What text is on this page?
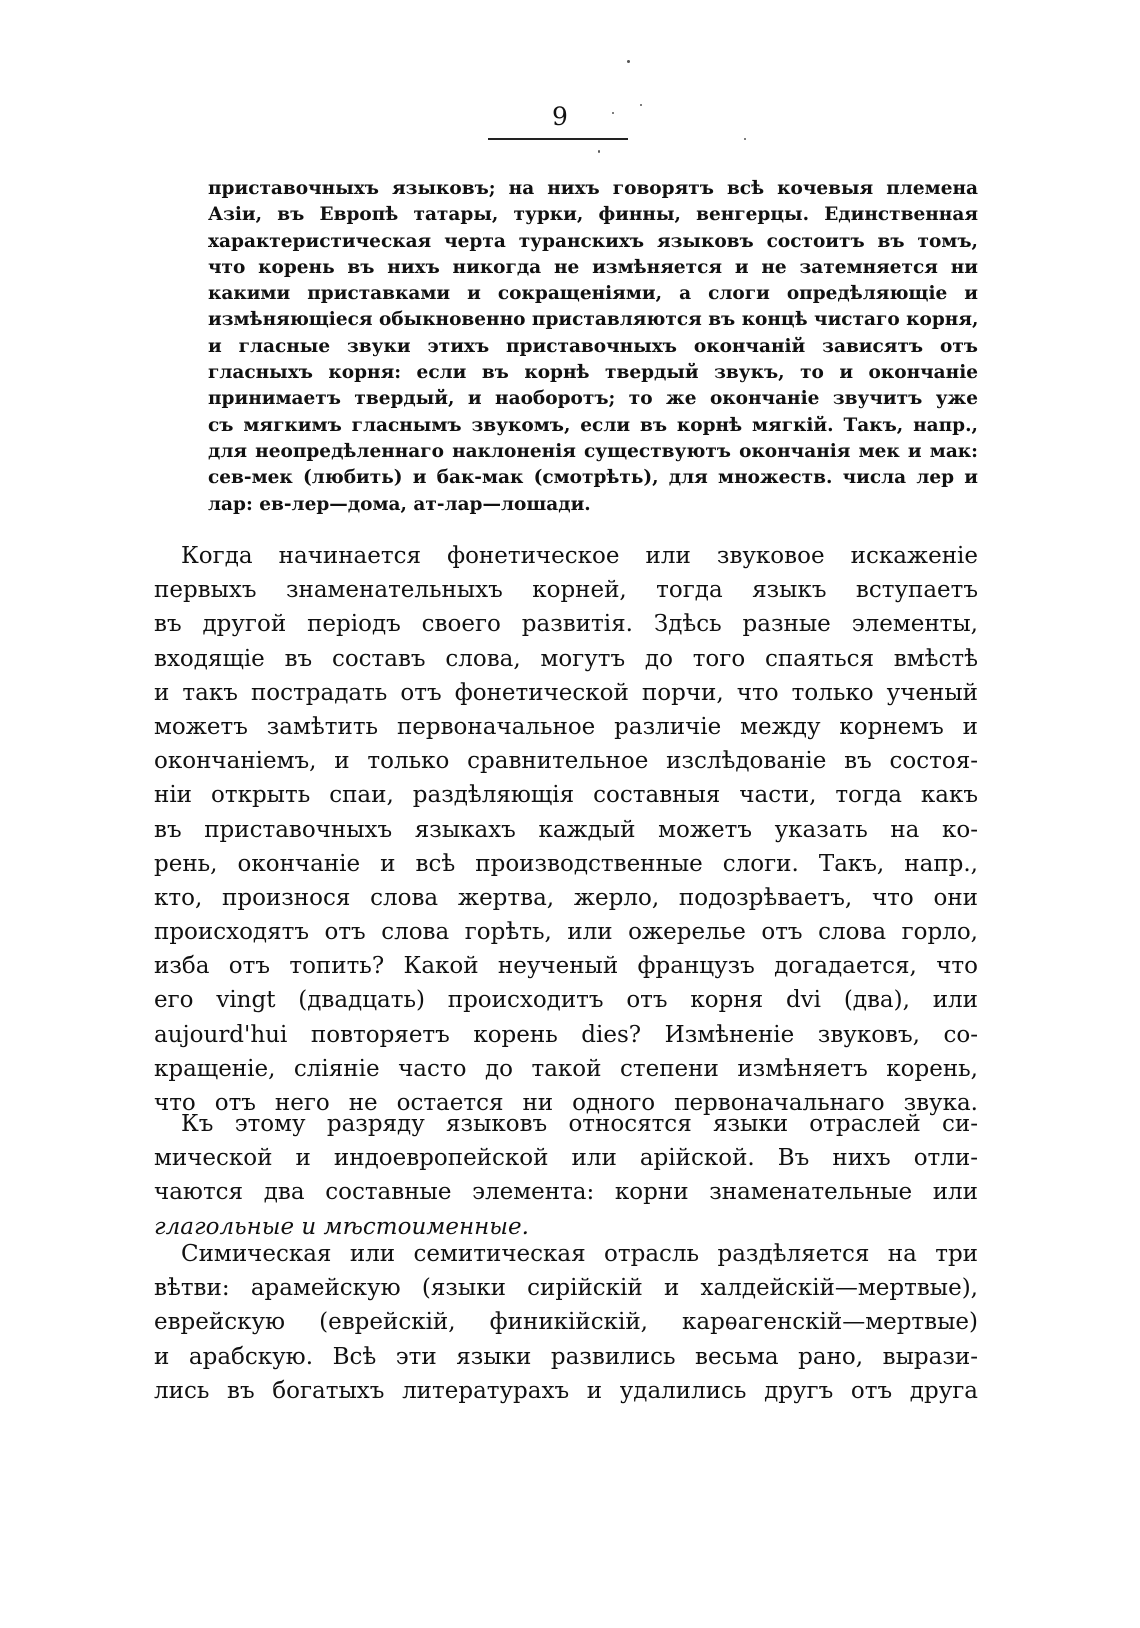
9
приставочныхъ языковъ; на нихъ говорятъ всѣ кочевыя племена
Азіи, въ Европѣ татары, турки, финны, венгерцы. Единственная
характеристическая черта туранскихъ языковъ состоитъ въ томъ,
что корень въ нихъ никогда не измѣняется и не затемняется ни
какими приставками и сокращеніями, а слоги опредѣляющіе и
измѣняющіеся обыкновенно приставляются въ концѣ чистаго корня,
и гласные звуки этихъ приставочныхъ окончаній зависятъ отъ
гласныхъ корня: если въ корнѣ твердый звукъ, то и окончаніе
принимаетъ твердый, и наоборотъ; то же окончаніе звучитъ уже
съ мягкимъ гласнымъ звукомъ, если въ корнѣ мягкій. Такъ, напр.,
для неопредѣленнаго наклоненія существуютъ окончанія мек и мак:
сев-мек (любить) и бак-мак (смотрѣть), для множеств. числа лер и
лар: ев-лер—дома, ат-лар—лошади.
Когда начинается фонетическое или звуковое искаженіе
первыхъ знаменательныхъ корней, тогда языкъ вступаетъ
въ другой періодъ своего развитія. Здѣсь разные элементы,
входящіе въ составъ слова, могутъ до того спаяться вмѣстѣ
и такъ пострадать отъ фонетической порчи, что только ученый
можетъ замѣтить первоначальное различіе между корнемъ и
окончаніемъ, и только сравнительное изслѣдованіе въ состоя-
ніи открыть спаи, раздѣляющія составныя части, тогда какъ
въ приставочныхъ языкахъ каждый можетъ указать на ко-
рень, окончаніе и всѣ производственные слоги. Такъ, напр.,
кто, произнося слова жертва, жерло, подозрѣваетъ, что они
происходятъ отъ слова горѣть, или ожерелье отъ слова горло,
изба отъ топить? Какой неученый французъ догадается, что
его vingt (двадцать) происходитъ отъ корня dvi (два), или
aujourd'hui повторяетъ корень dies? Измѣненіе звуковъ, со-
кращеніе, сліяніе часто до такой степени измѣняетъ корень,
что отъ него не остается ни одного первоначальнаго звука.
Къ этому разряду языковъ относятся языки отраслей си-
мической и индоевропейской или арійской. Въ нихъ отли-
чаются два составные элемента: корни знаменательные или
глагольные и мѣстоименные.
Симическая или семитическая отрасль раздѣляется на три
вѣтви: арамейскую (языки сирійскій и халдейскій—мертвые),
еврейскую (еврейскій, финикійскій, карѳагенскій—мертвые)
и арабскую. Всѣ эти языки развились весьма рано, вырази-
лись въ богатыхъ литературахъ и удалились другъ отъ друга
